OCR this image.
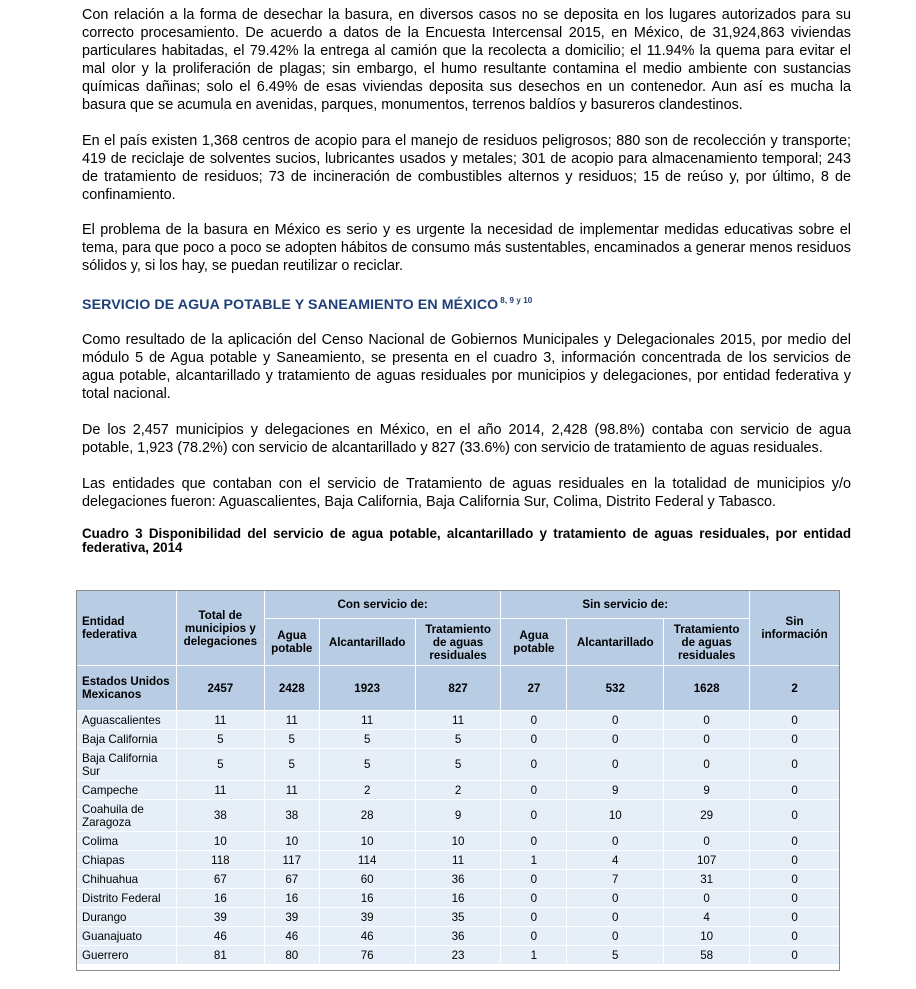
Con relación a la forma de desechar la basura, en diversos casos no se deposita en los lugares autorizados para su correcto procesamiento. De acuerdo a datos de la Encuesta Intercensal 2015, en México, de 31,924,863 viviendas particulares habitadas, el 79.42% la entrega al camión que la recolecta a domicilio; el 11.94% la quema para evitar el mal olor y la proliferación de plagas; sin embargo, el humo resultante contamina el medio ambiente con sustancias químicas dañinas; solo el 6.49% de esas viviendas deposita sus desechos en un contenedor. Aun así es mucha la basura que se acumula en avenidas, parques, monumentos, terrenos baldíos y basureros clandestinos.

En el país existen 1,368 centros de acopio para el manejo de residuos peligrosos; 880 son de recolección y transporte; 419 de reciclaje de solventes sucios, lubricantes usados y metales; 301 de acopio para almacenamiento temporal; 243 de tratamiento de residuos; 73 de incineración de combustibles alternos y residuos; 15 de reúso y, por último, 8 de confinamiento.

El problema de la basura en México es serio y es urgente la necesidad de implementar medidas educativas sobre el tema, para que poco a poco se adopten hábitos de consumo más sustentables, encaminados a generar menos residuos sólidos y, si los hay, se puedan reutilizar o reciclar.

SERVICIO DE AGUA POTABLE Y SANEAMIENTO EN MÉXICO $^{8, 9 y 10}$

Como resultado de la aplicación del Censo Nacional de Gobiernos Municipales y Delegacionales 2015, por medio del módulo 5 de Agua potable y Saneamiento, se presenta en el cuadro 3, información concentrada de los servicios de agua potable, alcantarillado y tratamiento de aguas residuales por municipios y delegaciones, por entidad federativa y total nacional.

De los 2,457 municipios y delegaciones en México, en el año 2014, 2,428 (98.8%) contaba con servicio de agua potable, 1,923 (78.2%) con servicio de alcantarillado y 827 (33.6%) con servicio de tratamiento de aguas residuales.

Las entidades que contaban con el servicio de Tratamiento de aguas residuales en la totalidad de municipios y/o delegaciones fueron: Aguascalientes, Baja California, Baja California Sur, Colima, Distrito Federal y Tabasco.

Cuadro 3 Disponibilidad del servicio de agua potable, alcantarillado y tratamiento de aguas residuales, por entidad federativa, 2014

Entidad federativa	Total de municipios y delegaciones	Con servicio de:			Sin servicio de:			Sin información
		Agua potable	Alcantarillado	Tratamiento de aguas residuales	Agua potable	Alcantarillado	Tratamiento de aguas residuales	
Estados Unidos Mexicanos	2457	2428	1923	827	27	532	1628	2
Aguascalientes	11	11	11	11	0	0	0	0
Baja California	5	5	5	5	0	0	0	0
Baja California Sur	5	5	5	5	0	0	0	0
Campeche	11	11	2	2	0	9	9	0
Coahuila de Zaragoza	38	38	28	9	0	10	29	0
Colima	10	10	10	10	0	0	0	0
Chiapas	118	117	114	11	1	4	107	0
Chihuahua	67	67	60	36	0	7	31	0
Distrito Federal	16	16	16	16	0	0	0	0
Durango	39	39	39	35	0	0	4	0
Guanajuato	46	46	46	36	0	0	10	0
Guerrero	81	80	76	23	1	5	58	0
